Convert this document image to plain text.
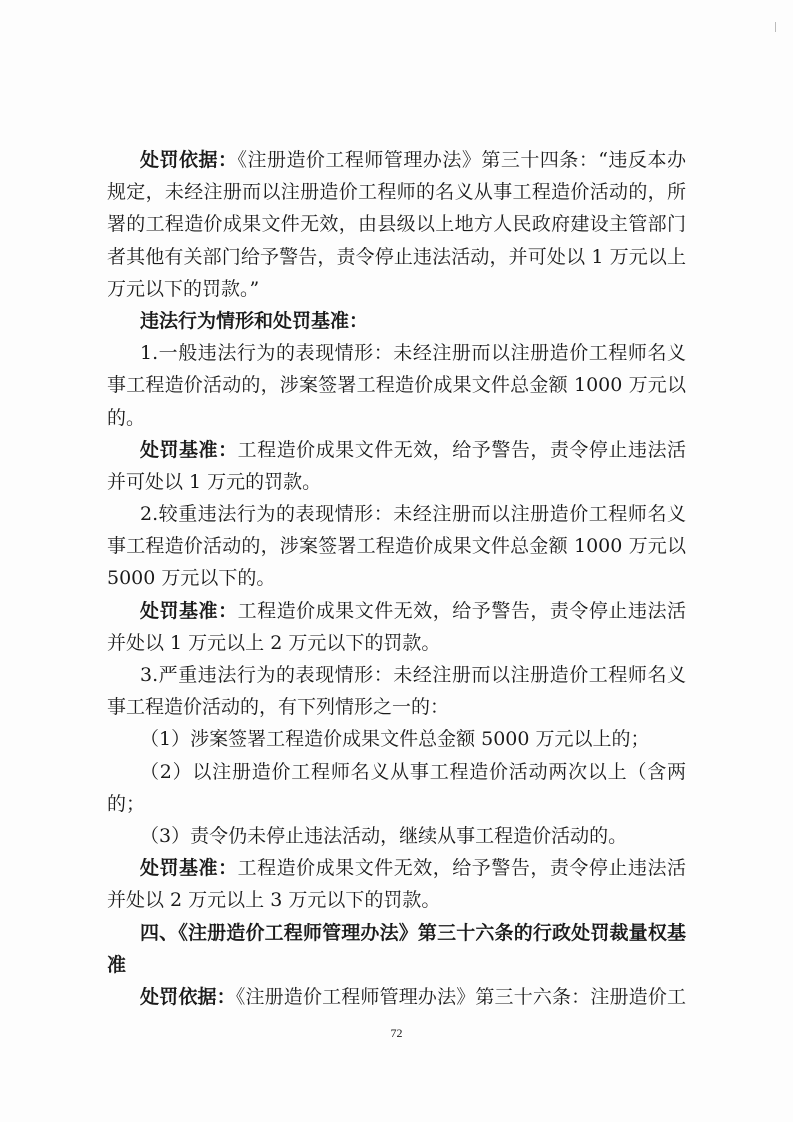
处罚依据：《注册造价工程师管理办法》第三十四条：“违反本办
规定，未经注册而以注册造价工程师的名义从事工程造价活动的，所
署的工程造价成果文件无效，由县级以上地方人民政府建设主管部门
者其他有关部门给予警告，责令停止违法活动，并可处以 1 万元以上
万元以下的罚款。”
违法行为情形和处罚基准：
1.一般违法行为的表现情形：未经注册而以注册造价工程师名义
事工程造价活动的，涉案签署工程造价成果文件总金额 1000 万元以
的。
处罚基准：工程造价成果文件无效，给予警告，责令停止违法活
并可处以 1 万元的罚款。
2.较重违法行为的表现情形：未经注册而以注册造价工程师名义
事工程造价活动的，涉案签署工程造价成果文件总金额 1000 万元以
5000 万元以下的。
处罚基准：工程造价成果文件无效，给予警告，责令停止违法活
并处以 1 万元以上 2 万元以下的罚款。
3.严重违法行为的表现情形：未经注册而以注册造价工程师名义
事工程造价活动的，有下列情形之一的：
（1）涉案签署工程造价成果文件总金额 5000 万元以上的；
（2）以注册造价工程师名义从事工程造价活动两次以上（含两
的；
（3）责令仍未停止违法活动，继续从事工程造价活动的。
处罚基准：工程造价成果文件无效，给予警告，责令停止违法活
并处以 2 万元以上 3 万元以下的罚款。
四、《注册造价工程师管理办法》第三十六条的行政处罚裁量权基
准
处罚依据：《注册造价工程师管理办法》第三十六条：注册造价工
72
